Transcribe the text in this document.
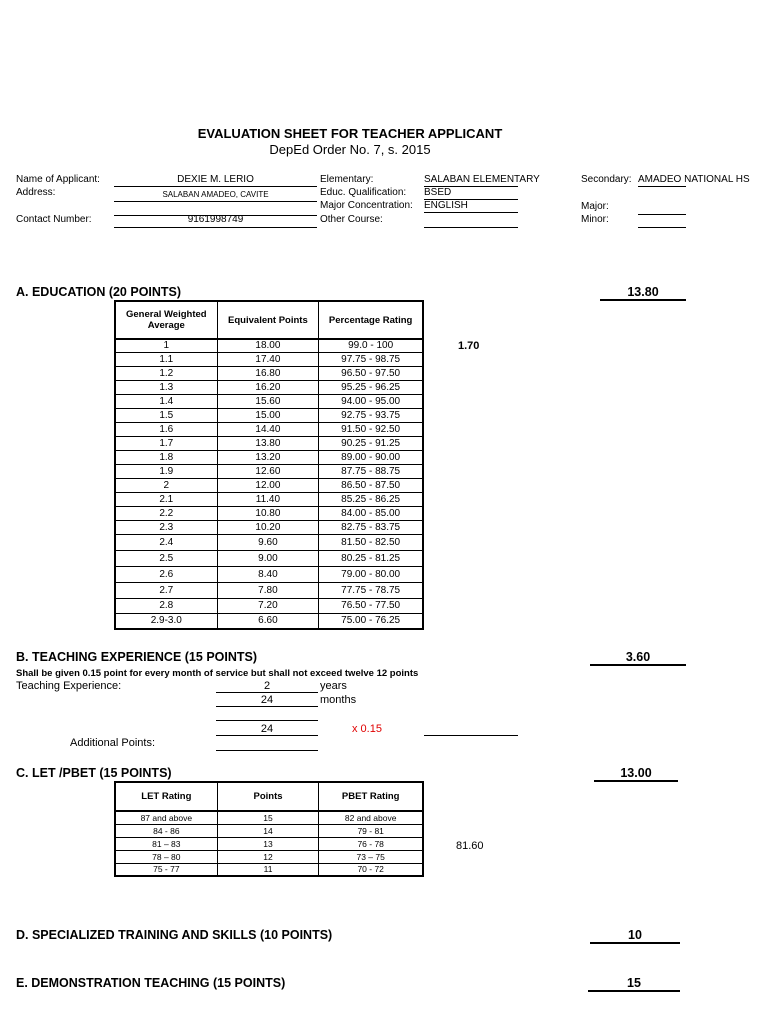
EVALUATION SHEET FOR TEACHER APPLICANT
DepEd Order No. 7, s. 2015
Name of Applicant:	DEXIE M. LERIO
Address:	SALABAN AMADEO, CAVITE
Contact Number:	9161998749
Elementary:	SALABAN ELEMENTARY
Educ. Qualification: BSED
Major Concentration: ENGLISH
Other Course:
Secondary: AMADEO NATIONAL HS
Major:
Minor:
A. EDUCATION (20 POINTS)	13.80
1.70
General Weighted Average	Equivalent Points	Percentage Rating
1	18.00	99.0 - 100
1.1	17.40	97.75 - 98.75
1.2	16.80	96.50 - 97.50
1.3	16.20	95.25 - 96.25
1.4	15.60	94.00 - 95.00
1.5	15.00	92.75 - 93.75
1.6	14.40	91.50 - 92.50
1.7	13.80	90.25 - 91.25
1.8	13.20	89.00 - 90.00
1.9	12.60	87.75 - 88.75
2	12.00	86.50 - 87.50
2.1	11.40	85.25 - 86.25
2.2	10.80	84.00 - 85.00
2.3	10.20	82.75 - 83.75
2.4	9.60	81.50 - 82.50
2.5	9.00	80.25 - 81.25
2.6	8.40	79.00 - 80.00
2.7	7.80	77.75 - 78.75
2.8	7.20	76.50 - 77.50
2.9-3.0	6.60	75.00 - 76.25
B. TEACHING EXPERIENCE (15 POINTS)	3.60
Shall be given 0.15 point for every month of service but shall not exceed twelve 12 points
Teaching Experience:	2	years
24	months
24	x 0.15
Additional Points:
C. LET /PBET (15 POINTS)	13.00
81.60
LET Rating	Points	PBET Rating
87 and above	15	82 and above
84 - 86	14	79 - 81
81 – 83	13	76 - 78
78 – 80	12	73 – 75
75 - 77	11	70 - 72
D. SPECIALIZED TRAINING AND SKILLS (10 POINTS)	10
E. DEMONSTRATION TEACHING (15 POINTS)	15
